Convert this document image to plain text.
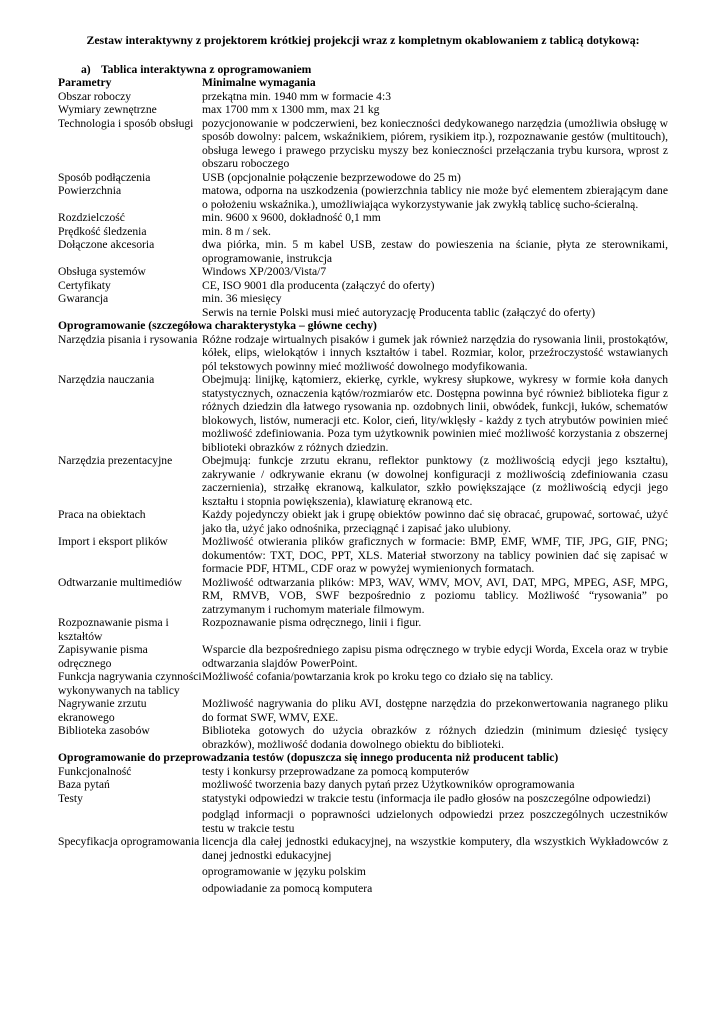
Zestaw interaktywny z projektorem krótkiej projekcji wraz z kompletnym okablowaniem z tablicą dotykową:
a) Tablica interaktywna z oprogramowaniem
Parametry	Minimalne wymagania
Obszar roboczy	przekątna min. 1940 mm w formacie 4:3
Wymiary zewnętrzne	max 1700 mm x 1300 mm, max 21 kg
Technologia i sposób obsługi	pozycjonowanie w podczerwieni, bez konieczności dedykowanego narzędzia (umożliwia obsługę w sposób dowolny: palcem, wskaźnikiem, piórem, rysikiem itp.), rozpoznawanie gestów (multitouch), obsługa lewego i prawego przycisku myszy bez konieczności przełączania trybu kursora, wprost z obszaru roboczego
Sposób podłączenia	USB (opcjonalnie połączenie bezprzewodowe do 25 m)
Powierzchnia	matowa, odporna na uszkodzenia (powierzchnia tablicy nie może być elementem zbierającym dane o położeniu wskaźnika.), umożliwiająca wykorzystywanie jak zwykłą tablicę sucho-ścieralną.
Rozdzielczość	min. 9600 x 9600, dokładność 0,1 mm
Prędkość śledzenia	min. 8 m / sek.
Dołączone akcesoria	dwa piórka, min. 5 m kabel USB, zestaw do powieszenia na ścianie, płyta ze sterownikami, oprogramowanie, instrukcja
Obsługa systemów	Windows XP/2003/Vista/7
Certyfikaty	CE, ISO 9001 dla producenta (załączyć do oferty)
Gwarancja	min. 36 miesięcy
	Serwis na ternie Polski musi mieć autoryzację Producenta tablic (załączyć do oferty)
Oprogramowanie (szczegółowa charakterystyka – główne cechy)	
Narzędzia pisania i rysowania	Różne rodzaje wirtualnych pisaków i gumek jak również narzędzia do rysowania linii, prostokątów, kółek, elips, wielokątów i innych kształtów i tabel. Rozmiar, kolor, przeźroczystość wstawianych pól tekstowych powinny mieć możliwość dowolnego modyfikowania.
Narzędzia nauczania	Obejmują: linijkę, kątomierz, ekierkę, cyrkle, wykresy słupkowe, wykresy w formie koła danych statystycznych, oznaczenia kątów/rozmiarów etc. Dostępna powinna być również biblioteka figur z różnych dziedzin dla łatwego rysowania np. ozdobnych linii, obwódek, funkcji, łuków, schematów blokowych, listów, numeracji etc. Kolor, cień, lity/wklęsły - każdy z tych atrybutów powinien mieć możliwość zdefiniowania. Poza tym użytkownik powinien mieć możliwość korzystania z obszernej biblioteki obrazków z różnych dziedzin.
Narzędzia prezentacyjne	Obejmują: funkcje zrzutu ekranu, reflektor punktowy (z możliwością edycji jego kształtu), zakrywanie / odkrywanie ekranu (w dowolnej konfiguracji z możliwością zdefiniowania czasu zaczernienia), strzałkę ekranową, kalkulator, szkło powiększające (z możliwością edycji jego kształtu i stopnia powiększenia), klawiaturę ekranową etc.
Praca na obiektach	Każdy pojedynczy obiekt jak i grupę obiektów powinno dać się obracać, grupować, sortować, użyć jako tła, użyć jako odnośnika, przeciągnąć i zapisać jako ulubiony.
Import i eksport plików	Możliwość otwierania plików graficznych w formacie: BMP, EMF, WMF, TIF, JPG, GIF, PNG; dokumentów: TXT, DOC, PPT, XLS. Materiał stworzony na tablicy powinien dać się zapisać w formacie PDF, HTML, CDF oraz w powyżej wymienionych formatach.
Odtwarzanie multimediów	Możliwość odtwarzania plików: MP3, WAV, WMV, MOV, AVI, DAT, MPG, MPEG, ASF, MPG, RM, RMVB, VOB, SWF bezpośrednio z poziomu tablicy. Możliwość “rysowania” po zatrzymanym i ruchomym materiale filmowym.
Rozpoznawanie pisma i kształtów	Rozpoznawanie pisma odręcznego, linii i figur.
Zapisywanie pisma odręcznego	Wsparcie dla bezpośredniego zapisu pisma odręcznego w trybie edycji Worda, Excela oraz w trybie odtwarzania slajdów PowerPoint.
Funkcja nagrywania czynności wykonywanych na tablicy	Możliwość cofania/powtarzania krok po kroku tego co działo się na tablicy.
Nagrywanie zrzutu ekranowego	Możliwość nagrywania do pliku AVI, dostępne narzędzia do przekonwertowania nagranego pliku do format SWF, WMV, EXE.
Biblioteka zasobów	Biblioteka gotowych do użycia obrazków z różnych dziedzin (minimum dziesięć tysięcy obrazków), możliwość dodania dowolnego obiektu do biblioteki.
Oprogramowanie do przeprowadzania testów (dopuszcza się innego producenta niż producent tablic)	
Funkcjonalność	testy i konkursy przeprowadzane za pomocą komputerów
Baza pytań	możliwość tworzenia bazy danych pytań przez Użytkowników oprogramowania
Testy	statystyki odpowiedzi w trakcie testu (informacja ile padło głosów na poszczególne odpowiedzi)
podgląd informacji o poprawności udzielonych odpowiedzi przez poszczególnych uczestników testu w trakcie testu

Specyfikacja oprogramowania	licencja dla całej jednostki edukacyjnej, na wszystkie komputery, dla wszystkich Wykładowców z danej jednostki edukacyjnej
oprogramowanie w języku polskim
odpowiadanie za pomocą komputera
